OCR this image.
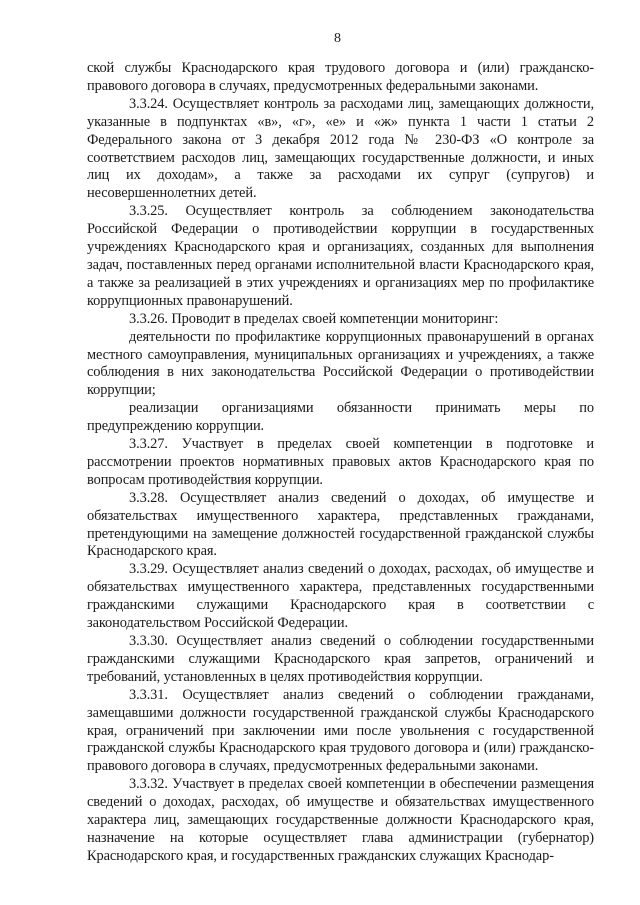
8

ской службы Краснодарского края трудового договора и (или) гражданско-правового договора в случаях, предусмотренных федеральными законами.

3.3.24. Осуществляет контроль за расходами лиц, замещающих должности, указанные в подпунктах «в», «г», «е» и «ж» пункта 1 части 1 статьи 2 Федерального закона от 3 декабря 2012 года № 230-ФЗ «О контроле за соответствием расходов лиц, замещающих государственные должности, и иных лиц их доходам», а также за расходами их супруг (супругов) и несовершеннолетних детей.

3.3.25. Осуществляет контроль за соблюдением законодательства Российской Федерации о противодействии коррупции в государственных учреждениях Краснодарского края и организациях, созданных для выполнения задач, поставленных перед органами исполнительной власти Краснодарского края, а также за реализацией в этих учреждениях и организациях мер по профилактике коррупционных правонарушений.

3.3.26. Проводит в пределах своей компетенции мониторинг:

деятельности по профилактике коррупционных правонарушений в органах местного самоуправления, муниципальных организациях и учреждениях, а также соблюдения в них законодательства Российской Федерации о противодействии коррупции;

реализации организациями обязанности принимать меры по предупреждению коррупции.

3.3.27. Участвует в пределах своей компетенции в подготовке и рассмотрении проектов нормативных правовых актов Краснодарского края по вопросам противодействия коррупции.

3.3.28. Осуществляет анализ сведений о доходах, об имуществе и обязательствах имущественного характера, представленных гражданами, претендующими на замещение должностей государственной гражданской службы Краснодарского края.

3.3.29. Осуществляет анализ сведений о доходах, расходах, об имуществе и обязательствах имущественного характера, представленных государственными гражданскими служащими Краснодарского края в соответствии с законодательством Российской Федерации.

3.3.30. Осуществляет анализ сведений о соблюдении государственными гражданскими служащими Краснодарского края запретов, ограничений и требований, установленных в целях противодействия коррупции.

3.3.31. Осуществляет анализ сведений о соблюдении гражданами, замещавшими должности государственной гражданской службы Краснодарского края, ограничений при заключении ими после увольнения с государственной гражданской службы Краснодарского края трудового договора и (или) гражданско-правового договора в случаях, предусмотренных федеральными законами.

3.3.32. Участвует в пределах своей компетенции в обеспечении размещения сведений о доходах, расходах, об имуществе и обязательствах имущественного характера лиц, замещающих государственные должности Краснодарского края, назначение на которые осуществляет глава администрации (губернатор) Краснодарского края, и государственных гражданских служащих Краснодар-
